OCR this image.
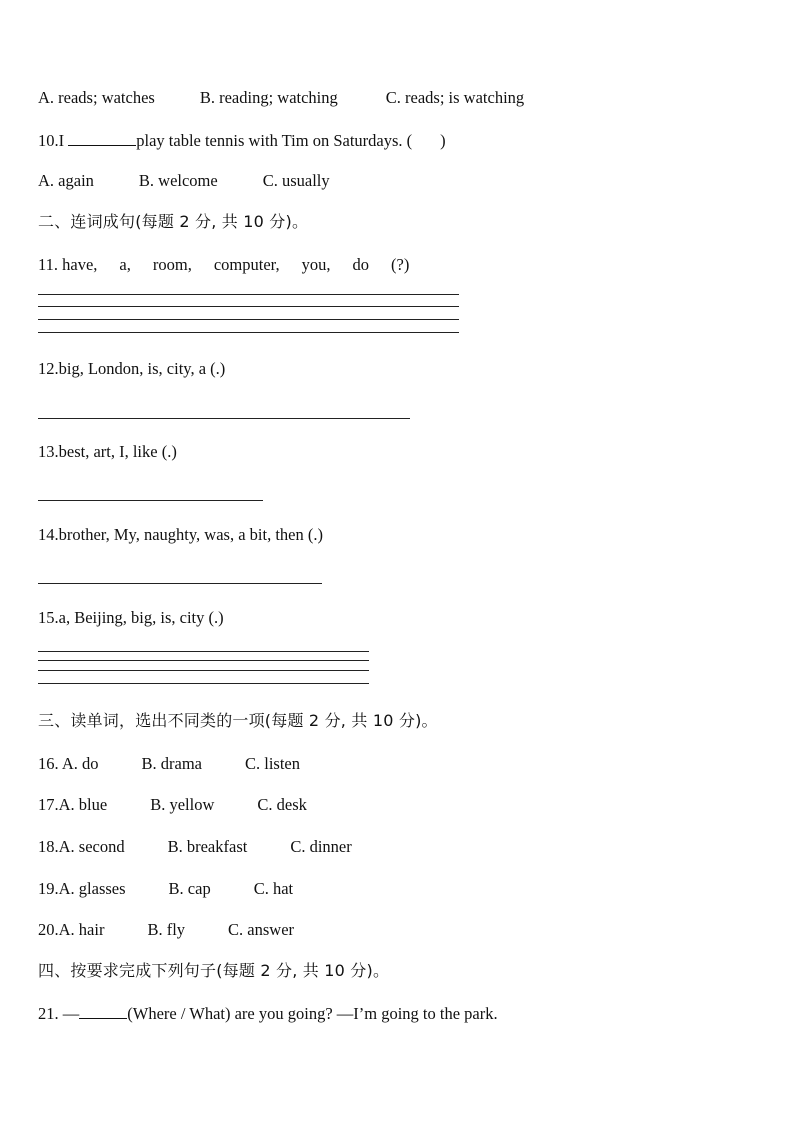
A. reads; watches	B. reading; watching	C. reads; is watching
10.I	play table tennis with Tim on Saturdays. ( )
A. again	B. welcome	C. usually
二、连词成句(每题 2 分, 共 10 分)。
11. have, a, room, computer, you, do (?)
12.big, London, is, city, a (.)
13.best, art, I, like (.)
14.brother, My, naughty, was, a bit, then (.)
15.a, Beijing, big, is, city (.)
三、读单词，选出不同类的一项(每题 2 分, 共 10 分)。
16. A. do	B. drama	C. listen
17.A. blue	B. yellow	C. desk
18.A. second	B. breakfast	C. dinner
19.A. glasses	B. cap	C. hat
20.A. hair	B. fly	C. answer
四、按要求完成下列句子(每题 2 分, 共 10 分)。
21. —	(Where / What) are you going? —I’m going to the park.
